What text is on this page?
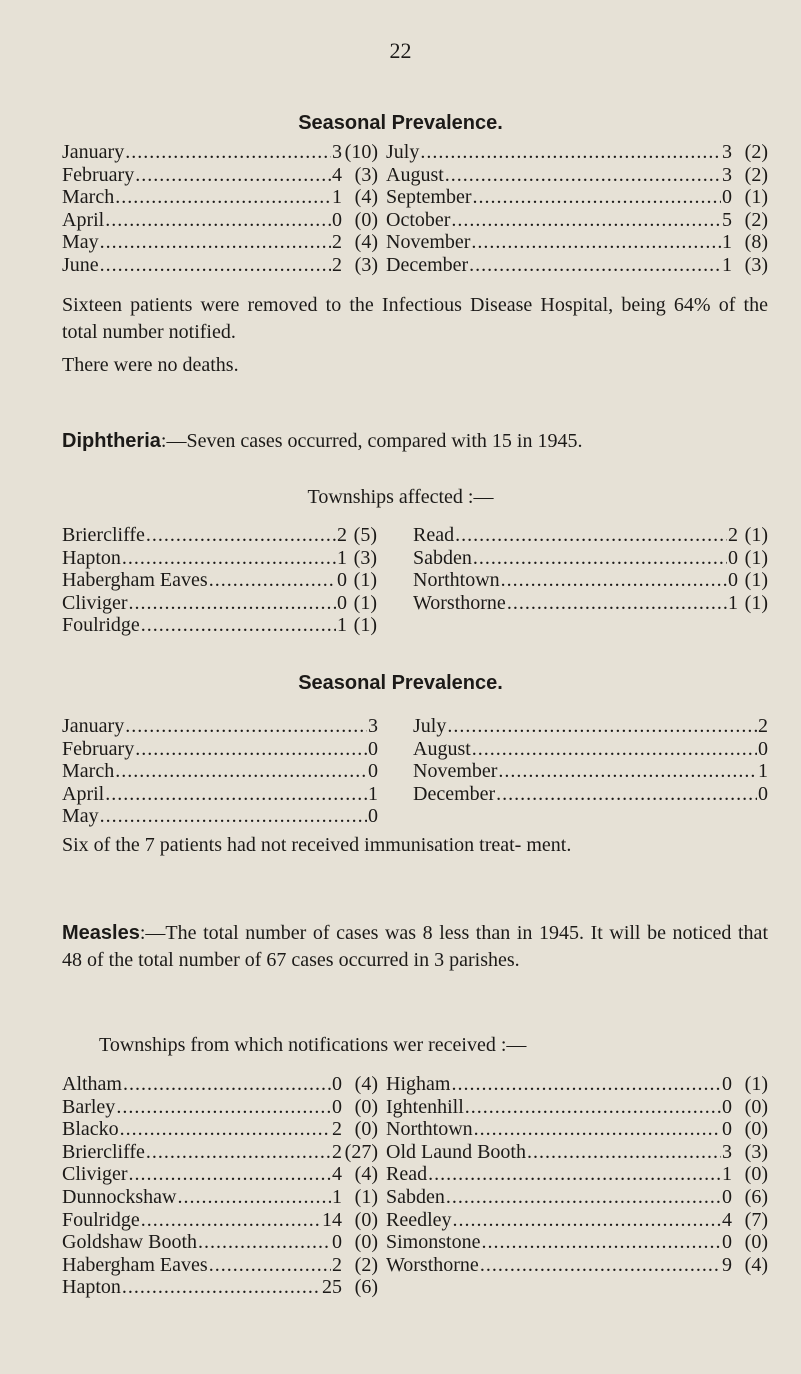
22
Seasonal Prevalence.
January .....	3 (10)
February .....	4 (3)
March .....	1 (4)
April .....	0 (0)
May .....	2 (4)
June .....	2 (3)
July .....	3 (2)
August .....	3 (2)
September .....	0 (1)
October .....	5 (2)
November .....	1 (8)
December .....	1 (3)
Sixteen patients were removed to the Infectious Disease Hospital, being 64% of the total number notified.
There were no deaths.
Diphtheria:—Seven cases occurred, compared with 15 in 1945.
Townships affected :—
Briercliffe .....	2 (5)
Hapton .....	1 (3)
Habergham Eaves .....	0 (1)
Cliviger .....	0 (1)
Foulridge .....	1 (1)
Read .....	2 (1)
Sabden .....	0 (1)
Northtown .....	0 (1)
Worsthorne .....	1 (1)
Seasonal Prevalence.
January .....	3
February .....	0
March .....	0
April .....	1
May .....	0
July .....	2
August .....	0
November .....	1
December .....	0
Six of the 7 patients had not received immunisation treat- ment.
Measles:—The total number of cases was 8 less than in 1945. It will be noticed that 48 of the total number of 67 cases occurred in 3 parishes.
Townships from which notifications wer received :—
Altham .....	0 (4)
Barley .....	0 (0)
Blacko .....	2 (0)
Briercliffe .....	2 (27)
Cliviger .....	4 (4)
Dunnockshaw .....	1 (1)
Foulridge .....	14 (0)
Goldshaw Booth .....	0 (0)
Habergham Eaves .....	2 (2)
Hapton .....	25 (6)
Higham .....	0 (1)
Ightenhill .....	0 (0)
Northtown .....	0 (0)
Old Laund Booth .....	3 (3)
Read .....	1 (0)
Sabden .....	0 (6)
Reedley .....	4 (7)
Simonstone .....	0 (0)
Worsthorne .....	9 (4)
